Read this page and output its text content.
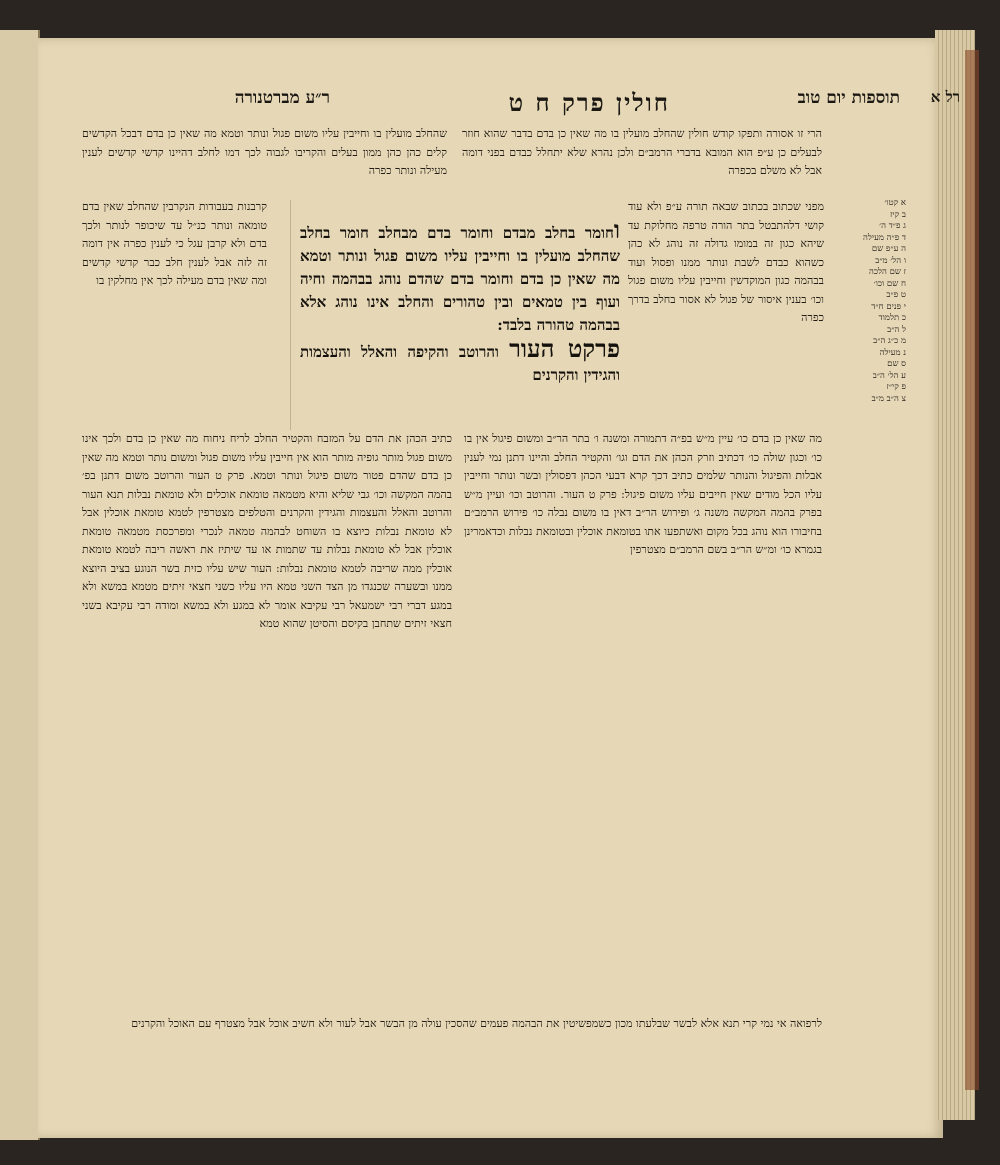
רל א
תוספות יום טוב
חולין פרק ח ט
ר״ע מברטנורה

הרי זו אסורה ותפקו קודש חולין שהחלב מועלין בו מה שאין כן בדם בדבר שהוא חוזר לבעלים כן ע״פ הוא המובא בדברי הרמב״ם ולכן נהרא שלא יתחלל כבדם בפני דומה אבל לא משלם בכפרה

שהחלב מועלין בו וחייבין עליו משום פגול ונותר וטמא מה שאין כן בדם דבכל הקדשים קלים כהן כהן ממון בעלים והקריבו לגבוה לכך דמו לחלב דהיינו קדשי קדשים לענין מעילה ונותר כפרה

מפני שכתוב בכתוב שבאה תורה ע״פ ולא עוד קושי דלהתבטל בתר הורה טרפה מחלוקת עד שיהא כגון זה במומו גדולה זה נוהג לא כהן כשהוא כבדם לשבת ונותר ממנו ופסול ועוד בבהמה כגון המוקדשין וחייבין עליו משום פגול וכו׳ בענין איסור של פגול לא אסור בחלב בדרך כפרה

קרבנות בעבודות הנקרבין שהחלב שאין בדם טומאה ונותר כנ״ל עד שיכופר לנותר ולכך בדם ולא קרבן עגל כי לענין כפרה אין דומה זה לזה אבל לענין חלב כבר קדשי קדשים ומה שאין בדם מעילה לכך אין מחלקין בו

וחומר בחלב מבדם וחומר בדם מבחלב חומר בחלב שהחלב מועלין בו וחייבין עליו משום פגול ונותר וטמא מה שאין כן בדם וחומר בדם שהדם נוהג בבהמה וחיה ועוף בין טמאים ובין טהורים והחלב אינו נוהג אלא בבהמה טהורה בלבד:
פרקט העור והרוטב והקיפה והאלל והעצמות והגידין והקרנים
א קטו׳
ב קיז
ג פ״ד ה׳
ד פ״ה מעילה
ה ע״פ שם
ו הל׳ מ״ב
ז שם הלכה
ח שם וכו׳
ט פ״ב
י פנים ח״ד
כ תלמוד
ל ה״ב
מ כ״ג ה״ב
נ מעילה
ס שם
ע הל׳ ה״ב
פ קי״ז
צ ה״ב מ״ב

מה שאין כן בדם כו׳ עיין מ״ש בפ״ה דתמורה ומשנה ו׳ בתר הר״ב ומשום פיגול אין בו כו׳ וכגון שולה כו׳ דכתיב וזרק הכהן את הדם וגו׳ והקטיר החלב והיינו דתנן נמי לענין אבלות והפיגול והנותר שלמים כתיב דכך קרא דבעי הכהן דפסולין ובשר ונותר וחייבין עליו הכל מודים שאין חייבים עליו משום פיגול: פרק ט העור. והרוטב וכו׳ ועיין מ״ש בפרק בהמה המקשה משנה ג׳ ופירוש הר״ב דאין בו משום נבלה כו׳ פירוש הרמב״ם בחיבורו הוא נוהג בכל מקום ואשתפעו אתו בטומאת אוכלין ובטומאת נבלות וכדאמרינן בגמרא כו׳ ומ״ש הר״ב בשם הרמב״ם מצטרפין

כתיב הכהן את הדם על המזבח והקטיר החלב לריח ניחוח מה שאין כן בדם ולכך אינו משום פגול מותר גופיה מותר הוא אין חייבין עליו משום פגול ומשום נותר וטמא מה שאין כן בדם שהדם פטור משום פיגול ונותר וטמא. פרק ט העור והרוטב משום דתנן בפ׳ בהמה המקשה וכו׳ גבי שליא והיא מטמאה טומאת אוכלים ולא טומאת נבלות תנא העור והרוטב והאלל והעצמות והגידין והקרנים והטלפים מצטרפין לטמא טומאת אוכלין אבל לא טומאת נבלות כיוצא בו השוחט לבהמה טמאה לנכרי ומפרכסת מטמאה טומאת אוכלין אבל לא טומאת נבלות עד שתמות או עד שיתיז את ראשה ריבה לטמא טומאת אוכלין ממה שריבה לטמא טומאת נבלות: העור שיש עליו כזית בשר הנוגע בציב היוצא ממנו ובשערה שכנגדו מן הצד השני טמא היו עליו כשני חצאי זיתים מטמא במשא ולא במגע דברי רבי ישמעאל רבי עקיבא אומר לא במגע ולא במשא ומודה רבי עקיבא בשני חצאי זיתים שתחבן בקיסם והסיטן שהוא טמא

לרפואה אי נמי קרי תנא אלא לבשר שבלעתו מכון כשמפשיטין את הבהמה פעמים שהסכין עולה מן הבשר אבל לעור ולא חשיב אוכל אבל מצטרף עם האוכל והקרנים
